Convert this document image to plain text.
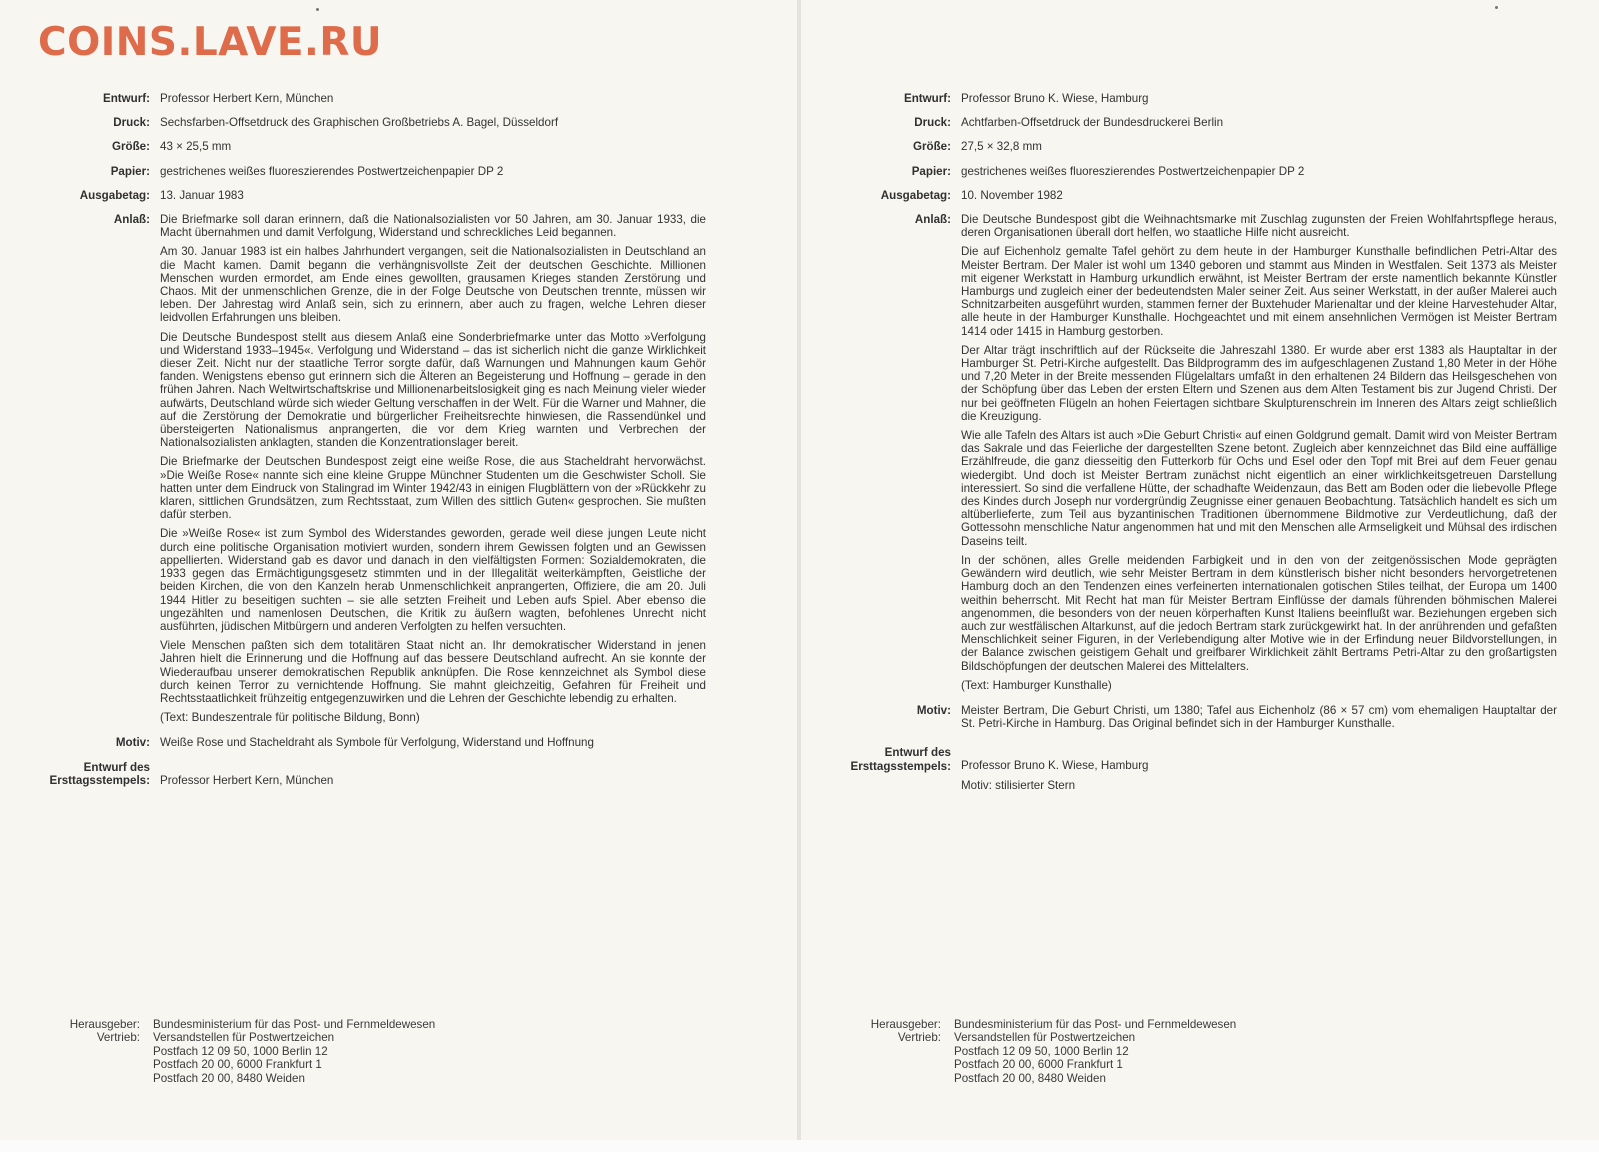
COINS.LAVE.RU
Entwurf: Professor Herbert Kern, München
Druck: Sechsfarben-Offsetdruck des Graphischen Großbetriebs A. Bagel, Düsseldorf
Größe: 43 × 25,5 mm
Papier: gestrichenes weißes fluoreszierendes Postwertzeichenpapier DP 2
Ausgabetag: 13. Januar 1983
Anlaß: Die Briefmarke soll daran erinnern, daß die Nationalsozialisten vor 50 Jahren, am 30. Januar 1933, die Macht übernahmen und damit Verfolgung, Widerstand und schreckliches Leid begannen.

Am 30. Januar 1983 ist ein halbes Jahrhundert vergangen, seit die Nationalsozialisten in Deutschland an die Macht kamen. Damit begann die verhängnisvollste Zeit der deutschen Geschichte. Millionen Menschen wurden ermordet, am Ende eines gewollten, grausamen Krieges standen Zerstörung und Chaos. Mit der unmenschlichen Grenze, die in der Folge Deutsche von Deutschen trennte, müssen wir leben. Der Jahrestag wird Anlaß sein, sich zu erinnern, aber auch zu fragen, welche Lehren dieser leidvollen Erfahrungen uns bleiben.

Die Deutsche Bundespost stellt aus diesem Anlaß eine Sonderbriefmarke unter das Motto »Verfolgung und Widerstand 1933–1945«. Verfolgung und Widerstand – das ist sicherlich nicht die ganze Wirklichkeit dieser Zeit. Nicht nur der staatliche Terror sorgte dafür, daß Warnungen und Mahnungen kaum Gehör fanden. Wenigstens ebenso gut erinnern sich die Älteren an Begeisterung und Hoffnung – gerade in den frühen Jahren. Nach Weltwirtschaftskrise und Millionenarbeitslosigkeit ging es nach Meinung vieler wieder aufwärts, Deutschland würde sich wieder Geltung verschaffen in der Welt. Für die Warner und Mahner, die auf die Zerstörung der Demokratie und bürgerlicher Freiheitsrechte hinwiesen, die Rassendünkel und übersteigerten Nationalismus anprangerten, die vor dem Krieg warnten und Verbrechen der Nationalsozialisten anklagten, standen die Konzentrationslager bereit.

Die Briefmarke der Deutschen Bundespost zeigt eine weiße Rose, die aus Stacheldraht hervorwächst. »Die Weiße Rose« nannte sich eine kleine Gruppe Münchner Studenten um die Geschwister Scholl. Sie hatten unter dem Eindruck von Stalingrad im Winter 1942/43 in einigen Flugblättern von der »Rückkehr zu klaren, sittlichen Grundsätzen, zum Rechtsstaat, zum Willen des sittlich Guten« gesprochen. Sie mußten dafür sterben.

Die »Weiße Rose« ist zum Symbol des Widerstandes geworden, gerade weil diese jungen Leute nicht durch eine politische Organisation motiviert wurden, sondern ihrem Gewissen folgten und an Gewissen appellierten. Widerstand gab es davor und danach in den vielfältigsten Formen: Sozialdemokraten, die 1933 gegen das Ermächtigungsgesetz stimmten und in der Illegalität weiterkämpften, Geistliche der beiden Kirchen, die von den Kanzeln herab Unmenschlichkeit anprangerten, Offiziere, die am 20. Juli 1944 Hitler zu beseitigen suchten – sie alle setzten Freiheit und Leben aufs Spiel. Aber ebenso die ungezählten und namenlosen Deutschen, die Kritik zu äußern wagten, befohlenes Unrecht nicht ausführten, jüdischen Mitbürgern und anderen Verfolgten zu helfen versuchten.

Viele Menschen paßten sich dem totalitären Staat nicht an. Ihr demokratischer Widerstand in jenen Jahren hielt die Erinnerung und die Hoffnung auf das bessere Deutschland aufrecht. An sie konnte der Wiederaufbau unserer demokratischen Republik anknüpfen. Die Rose kennzeichnet als Symbol diese durch keinen Terror zu vernichtende Hoffnung. Sie mahnt gleichzeitig, Gefahren für Freiheit und Rechtsstaatlichkeit frühzeitig entgegenzuwirken und die Lehren der Geschichte lebendig zu erhalten.

(Text: Bundeszentrale für politische Bildung, Bonn)

Motiv: Weiße Rose und Stacheldraht als Symbole für Verfolgung, Widerstand und Hoffnung
Entwurf des
Ersttagsstempels: Professor Herbert Kern, München
Herausgeber:	Bundesministerium für das Post- und Fernmeldewesen
Vertrieb:	Versandstellen für Postwertzeichen
Postfach 12 09 50, 1000 Berlin 12
Postfach 20 00, 6000 Frankfurt 1
Postfach 20 00, 8480 Weiden
Entwurf: Professor Bruno K. Wiese, Hamburg
Druck: Achtfarben-Offsetdruck der Bundesdruckerei Berlin
Größe: 27,5 × 32,8 mm
Papier: gestrichenes weißes fluoreszierendes Postwertzeichenpapier DP 2
Ausgabetag: 10. November 1982
Anlaß: Die Deutsche Bundespost gibt die Weihnachtsmarke mit Zuschlag zugunsten der Freien Wohlfahrtspflege heraus, deren Organisationen überall dort helfen, wo staatliche Hilfe nicht ausreicht.

Die auf Eichenholz gemalte Tafel gehört zu dem heute in der Hamburger Kunsthalle befindlichen Petri-Altar des Meister Bertram. Der Maler ist wohl um 1340 geboren und stammt aus Minden in Westfalen. Seit 1373 als Meister mit eigener Werkstatt in Hamburg urkundlich erwähnt, ist Meister Bertram der erste namentlich bekannte Künstler Hamburgs und zugleich einer der bedeutendsten Maler seiner Zeit. Aus seiner Werkstatt, in der außer Malerei auch Schnitzarbeiten ausgeführt wurden, stammen ferner der Buxtehuder Marienaltar und der kleine Harvestehuder Altar, alle heute in der Hamburger Kunsthalle. Hochgeachtet und mit einem ansehnlichen Vermögen ist Meister Bertram 1414 oder 1415 in Hamburg gestorben.

Der Altar trägt inschriftlich auf der Rückseite die Jahreszahl 1380. Er wurde aber erst 1383 als Hauptaltar in der Hamburger St. Petri-Kirche aufgestellt. Das Bildprogramm des im aufgeschlagenen Zustand 1,80 Meter in der Höhe und 7,20 Meter in der Breite messenden Flügelaltars umfaßt in den erhaltenen 24 Bildern das Heilsgeschehen von der Schöpfung über das Leben der ersten Eltern und Szenen aus dem Alten Testament bis zur Jugend Christi. Der nur bei geöffneten Flügeln an hohen Feiertagen sichtbare Skulpturenschrein im Inneren des Altars zeigt schließlich die Kreuzigung.

Wie alle Tafeln des Altars ist auch »Die Geburt Christi« auf einen Goldgrund gemalt. Damit wird von Meister Bertram das Sakrale und das Feierliche der dargestellten Szene betont. Zugleich aber kennzeichnet das Bild eine auffällige Erzählfreude, die ganz diesseitig den Futterkorb für Ochs und Esel oder den Topf mit Brei auf dem Feuer genau wiedergibt. Und doch ist Meister Bertram zunächst nicht eigentlich an einer wirklichkeitsgetreuen Darstellung interessiert. So sind die verfallene Hütte, der schadhafte Weidenzaun, das Bett am Boden oder die liebevolle Pflege des Kindes durch Joseph nur vordergründig Zeugnisse einer genauen Beobachtung. Tatsächlich handelt es sich um altüberlieferte, zum Teil aus byzantinischen Traditionen übernommene Bildmotive zur Verdeutlichung, daß der Gottessohn menschliche Natur angenommen hat und mit den Menschen alle Armseligkeit und Mühsal des irdischen Daseins teilt.

In der schönen, alles Grelle meidenden Farbigkeit und in den von der zeitgenössischen Mode geprägten Gewändern wird deutlich, wie sehr Meister Bertram in dem künstlerisch bisher nicht besonders hervorgetretenen Hamburg doch an den Tendenzen eines verfeinerten internationalen gotischen Stiles teilhat, der Europa um 1400 weithin beherrscht. Mit Recht hat man für Meister Bertram Einflüsse der damals führenden böhmischen Malerei angenommen, die besonders von der neuen körperhaften Kunst Italiens beeinflußt war. Beziehungen ergeben sich auch zur westfälischen Altarkunst, auf die jedoch Bertram stark zurückgewirkt hat. In der anrührenden und gefaßten Menschlichkeit seiner Figuren, in der Verlebendigung alter Motive wie in der Erfindung neuer Bildvorstellungen, in der Balance zwischen geistigem Gehalt und greifbarer Wirklichkeit zählt Bertrams Petri-Altar zu den großartigsten Bildschöpfungen der deutschen Malerei des Mittelalters.

(Text: Hamburger Kunsthalle)

Motiv: Meister Bertram, Die Geburt Christi, um 1380; Tafel aus Eichenholz (86 × 57 cm) vom ehemaligen Hauptaltar der St. Petri-Kirche in Hamburg. Das Original befindet sich in der Hamburger Kunsthalle.
Entwurf des
Ersttagsstempels: Professor Bruno K. Wiese, Hamburg
Motiv: stilisierter Stern
Herausgeber:	Bundesministerium für das Post- und Fernmeldewesen
Vertrieb:	Versandstellen für Postwertzeichen
Postfach 12 09 50, 1000 Berlin 12
Postfach 20 00, 6000 Frankfurt 1
Postfach 20 00, 8480 Weiden
